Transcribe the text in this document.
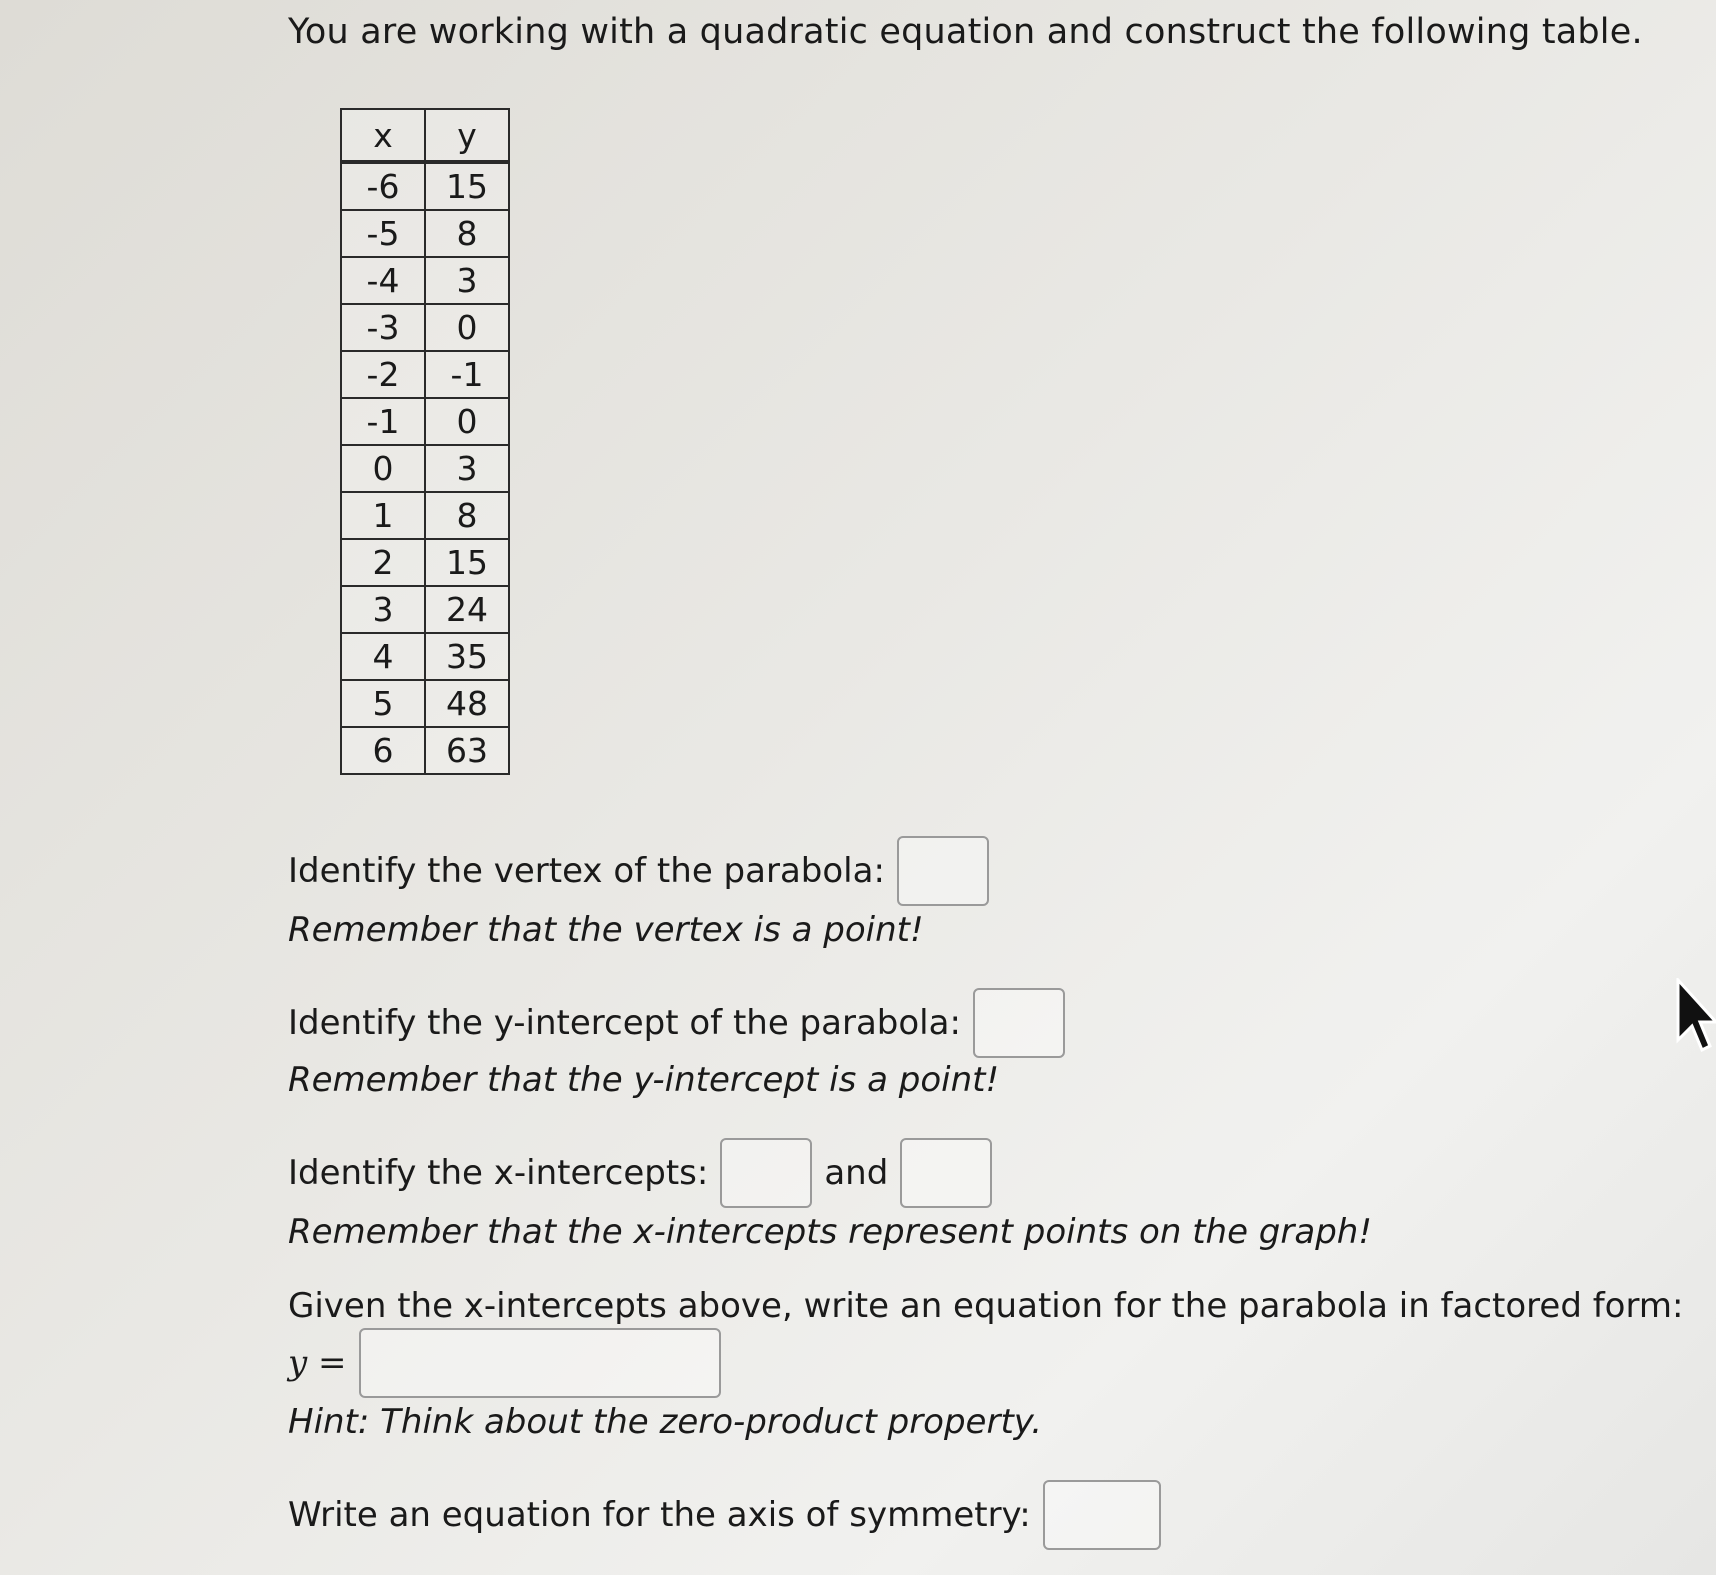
You are working with a quadratic equation and construct the following table.
x	y
-6	15
-5	8
-4	3
-3	0
-2	-1
-1	0
0	3
1	8
2	15
3	24
4	35
5	48
6	63
Identify the vertex of the parabola:
Remember that the vertex is a point!
Identify the y-intercept of the parabola:
Remember that the y-intercept is a point!
Identify the x-intercepts:	and
Remember that the x-intercepts represent points on the graph!
Given the x-intercepts above, write an equation for the parabola in factored form:
y =
Hint: Think about the zero-product property.
Write an equation for the axis of symmetry:
